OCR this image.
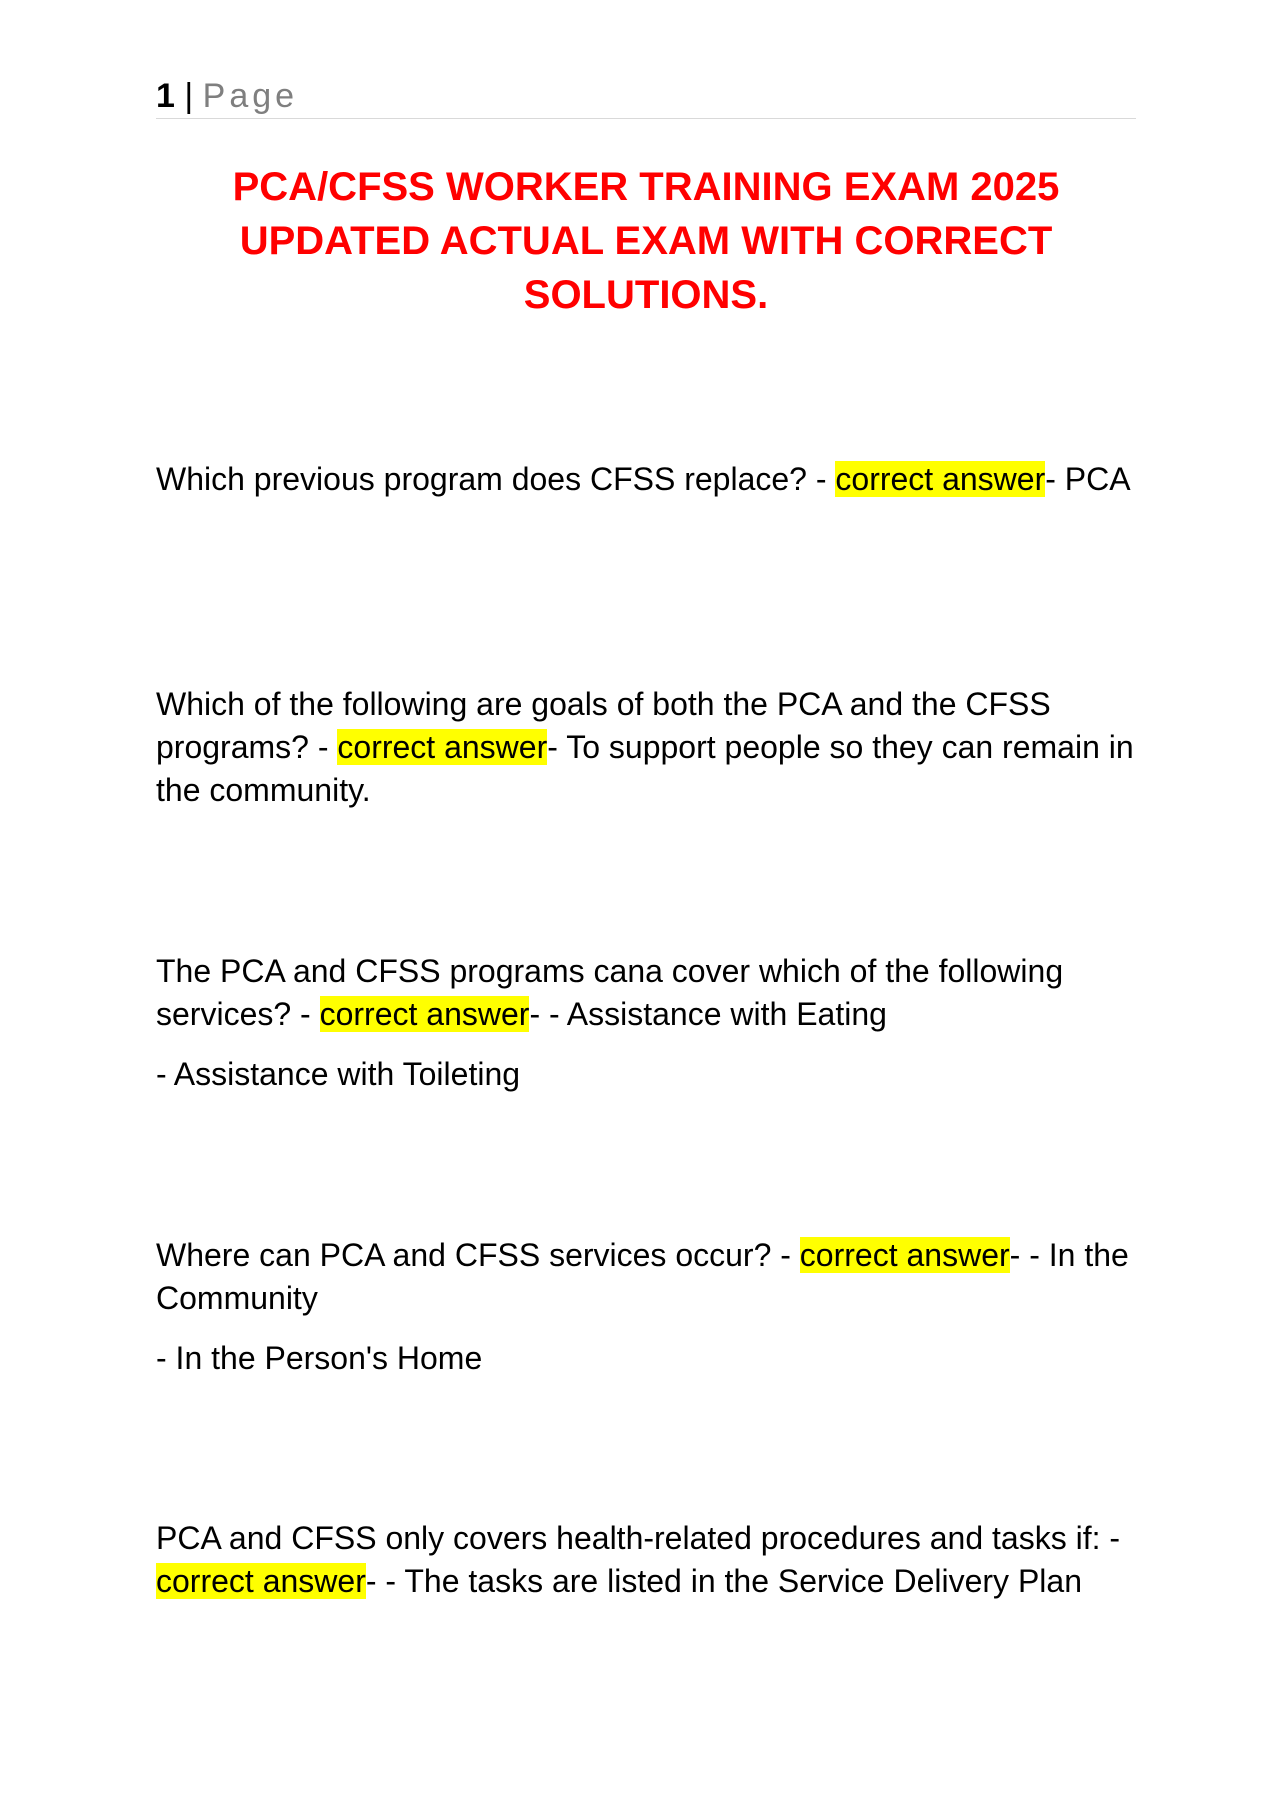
1 | Page
PCA/CFSS WORKER TRAINING EXAM 2025
UPDATED ACTUAL EXAM WITH CORRECT
SOLUTIONS.

Which previous program does CFSS replace? - correct answer- PCA

Which of the following are goals of both the PCA and the CFSS programs? - correct answer- To support people so they can remain in the community.

The PCA and CFSS programs cana cover which of the following services? - correct answer- - Assistance with Eating

- Assistance with Toileting

Where can PCA and CFSS services occur? - correct answer- - In the Community

- In the Person's Home

PCA and CFSS only covers health-related procedures and tasks if: - correct answer- - The tasks are listed in the Service Delivery Plan
